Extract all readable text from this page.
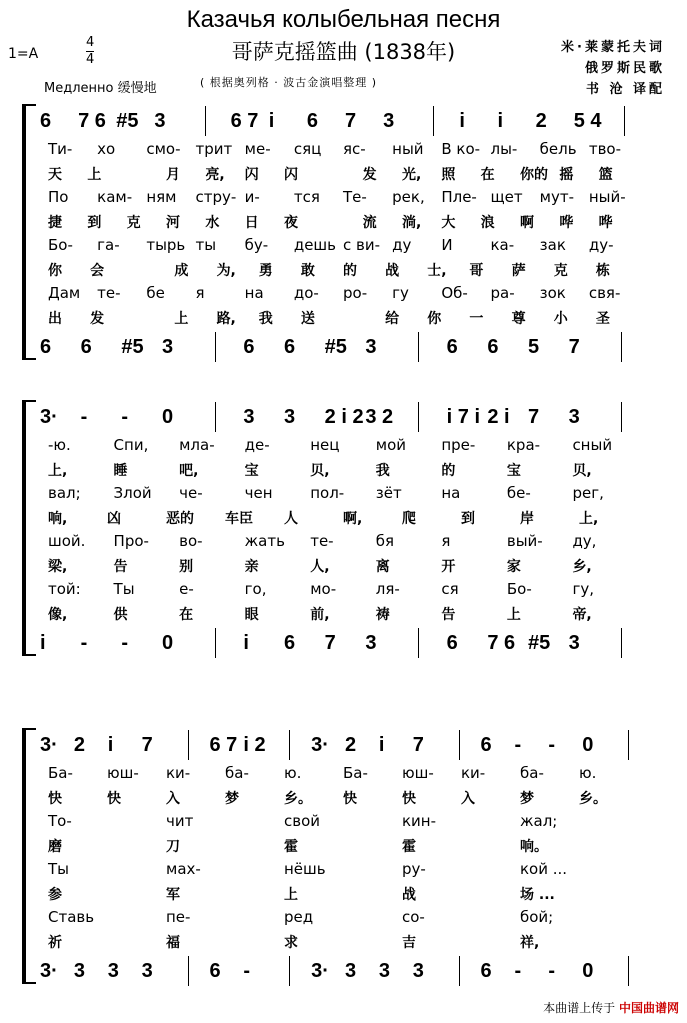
Казачья колыбельная песня
哥萨克摇篮曲 (1838年)
1=A
4
4
Медленно 缓慢地	( 根据奥列格 · 波古金演唱整理 )
米·莱蒙托夫词
俄罗斯民歌
书 沧 译配
6 7 6 #5 3	6 7 i 6 7 3	i i 2 5 4
Ти- хо смо- трит ме- сяц яс- ный В ко- лы- бель тво-
天 上	月 亮, 闪 闪	发 光, 照 在 你的 摇 篮
По кам- ням стру- и- тся Те- рек, Пле- щет мут- ный-
捷 到 克 河 水 日 夜	流 淌, 大 浪 啊 哗 哗
Бо- га- тырь ты бу- дешь с ви- ду И	ка- зак ду-
你 会	成 为, 勇 敢 的 战 士, 哥 萨 克 栋
Дам те- бе я	на до- ро- гу Об- ра- зок свя-
出 发	上 路, 我 送	给 你 一 尊 小 圣
6 6 #5 3	6 6 #5 3	6 6 5 7
3· - - 0	3 3 2 i 2 3 2	i 7 i 2 i 7 3
-ю.	Спи, мла- де-	нец мой пре- кра- сный
上,	睡	吧,	宝	贝,	我	的	宝	贝,
вал; Злой че-	чен	пол- зёт	на	бе-	рег,
响,	凶	恶的 车臣 人	啊,	爬	到	岸	上,
шой. Про- во-	жать те-	бя	я	вый- ду,
梁,	告	别	亲	人,	离	开	家	乡,
той: Ты	е-	го,	мо-	ля-	ся	Бо-	гу,
像,	供	在	眼	前,	祷	告	上	帝,
i - - 0	i 6 7 3	6 7 6 #5 3
3· 2 i 7	6 7 i 2 3· 2 i 7	6 - - 0
Ба- юш- ки- ба- ю.	Ба- юш- ки- ба- ю.
快	快	入	梦	乡。 快	快	入	梦	乡。
То-	чит	свой	кин-	жал;
磨	刀	霍	霍	响。
Ты	мах-	нёшь	ру-	кой ...
参	军	上	战	场 ...
Ставь	пе-	ред	со-	бой;
祈	福	求	吉	祥,
3· 3 3 3	6 -	3· 3 3 3	6 - - 0
本曲谱上传于 中国曲谱网
